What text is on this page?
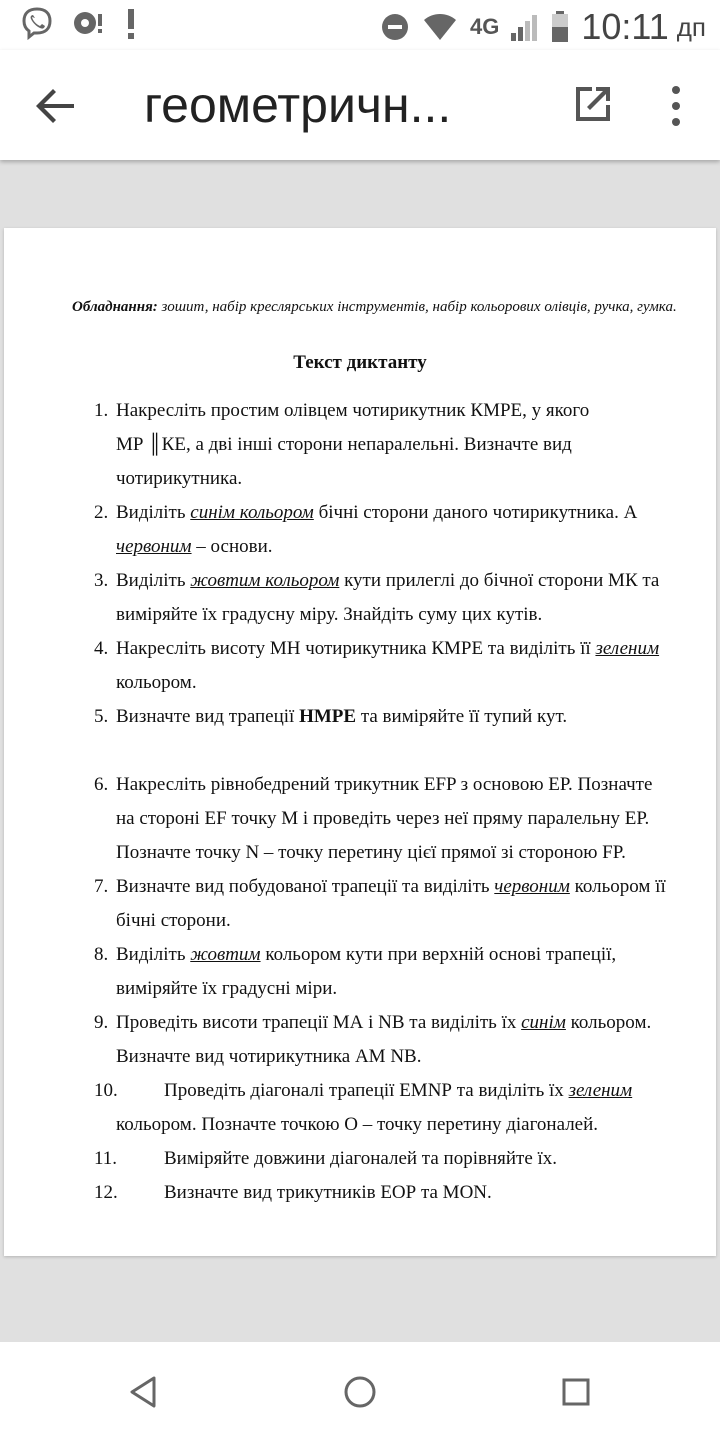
4G 10:11 дп
геометричн...
Обладнання: зошит, набір креслярських інструментів, набір кольорових олівців, ручка, гумка.
Текст диктанту
1. Накресліть простим олівцем чотирикутник КМРЕ, у якого
МР ║КЕ, а дві інші сторони непаралельні. Визначте вид
чотирикутника.
2. Виділіть синім кольором бічні сторони даного чотирикутника. А
червоним – основи.
3. Виділіть жовтим кольором кути прилеглі до бічної сторони МК та
виміряйте їх градусну міру. Знайдіть суму цих кутів.
4. Накресліть висоту МН чотирикутника КМРЕ та виділіть її зеленим
кольором.
5. Визначте вид трапеції НМРЕ та виміряйте її тупий кут.
6. Накресліть рівнобедрений трикутник EFP з основою ЕР. Позначте
на стороні EF точку M і проведіть через неї пряму паралельну ЕР.
Позначте точку N – точку перетину цієї прямої зі стороною FP.
7. Визначте вид побудованої трапеції та виділіть червоним кольором її
бічні сторони.
8. Виділіть жовтим кольором кути при верхній основі трапеції,
виміряйте їх градусні міри.
9. Проведіть висоти трапеції МА і NB та виділіть їх синім кольором.
Визначте вид чотирикутника АМ NB.
10.	Проведіть діагоналі трапеції ЕМNР та виділіть їх зеленим
кольором. Позначте точкою О – точку перетину діагоналей.
11.	Виміряйте довжини діагоналей та порівняйте їх.
12.	Визначте вид трикутників ЕОР та МОN.
